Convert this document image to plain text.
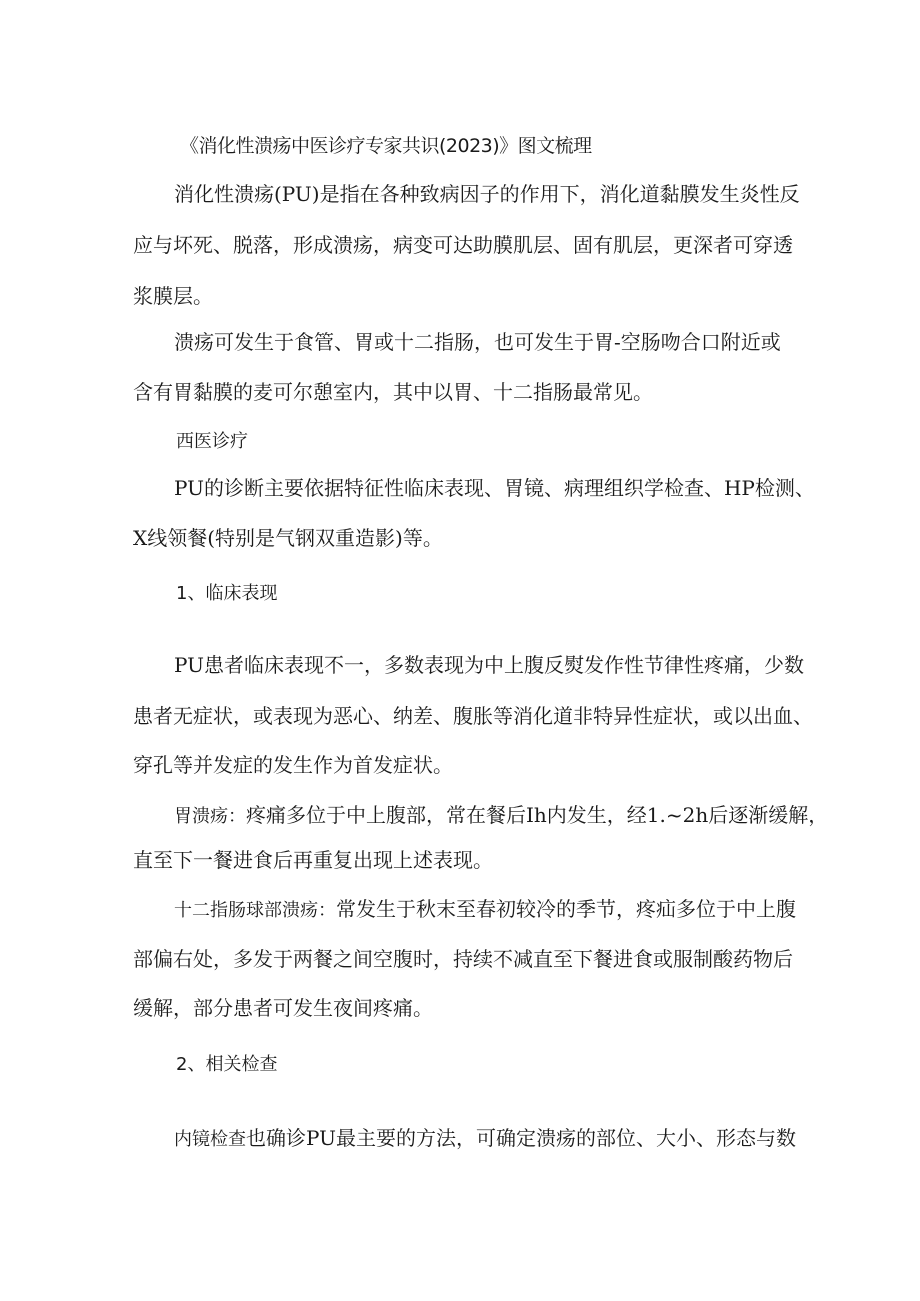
《消化性溃疡中医诊疗专家共识(2023)》图文梳理
消化性溃疡(PU)是指在各种致病因子的作用下，消化道黏膜发生炎性反
应与坏死、脱落，形成溃疡，病变可达助膜肌层、固有肌层，更深者可穿透
浆膜层。
溃疡可发生于食管、胃或十二指肠，也可发生于胃-空肠吻合口附近或
含有胃黏膜的麦可尔憩室内，其中以胃、十二指肠最常见。
西医诊疗
PU的诊断主要依据特征性临床表现、胃镜、病理组织学检查、HP检测、
X线领餐(特别是气钢双重造影)等。
1、临床表现
PU患者临床表现不一，多数表现为中上腹反熨发作性节律性疼痛，少数
患者无症状，或表现为恶心、纳差、腹胀等消化道非特异性症状，或以出血、
穿孔等并发症的发生作为首发症状。
胃溃疡：疼痛多位于中上腹部，常在餐后Ih内发生，经1.~2h后逐渐缓解，
直至下一餐进食后再重复出现上述表现。
十二指肠球部溃疡：常发生于秋末至春初较冷的季节，疼疝多位于中上腹
部偏右处，多发于两餐之间空腹时，持续不减直至下餐进食或服制酸药物后
缓解，部分患者可发生夜间疼痛。
2、相关检查
内镜检查也确诊PU最主要的方法，可确定溃疡的部位、大小、形态与数
